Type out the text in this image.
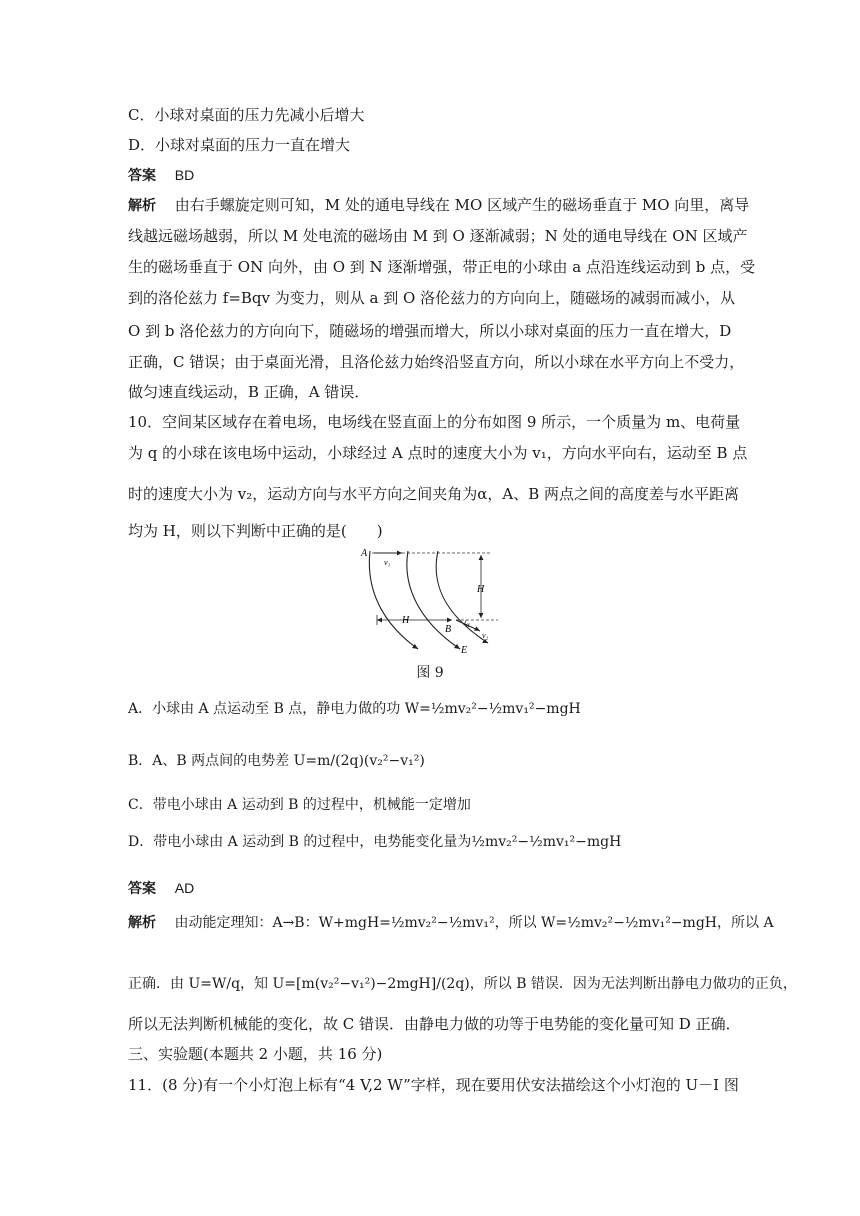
C．小球对桌面的压力先减小后增大
D．小球对桌面的压力一直在增大
答案 BD
解析 由右手螺旋定则可知，M 处的通电导线在 MO 区域产生的磁场垂直于 MO 向里，离导
线越远磁场越弱，所以 M 处电流的磁场由 M 到 O 逐渐减弱；N 处的通电导线在 ON 区域产
生的磁场垂直于 ON 向外，由 O 到 N 逐渐增强，带正电的小球由 a 点沿连线运动到 b 点，受
到的洛伦兹力 f=Bqv 为变力，则从 a 到 O 洛伦兹力的方向向上，随磁场的减弱而减小，从
O 到 b 洛伦兹力的方向向下，随磁场的增强而增大，所以小球对桌面的压力一直在增大，D
正确，C 错误；由于桌面光滑，且洛伦兹力始终沿竖直方向，所以小球在水平方向上不受力，
做匀速直线运动，B 正确，A 错误．
10．空间某区域存在着电场，电场线在竖直面上的分布如图 9 所示，一个质量为 m、电荷量
为 q 的小球在该电场中运动，小球经过 A 点时的速度大小为 v₁，方向水平向右，运动至 B 点
时的速度大小为 v₂，运动方向与水平方向之间夹角为α，A、B 两点之间的高度差与水平距离
均为 H，则以下判断中正确的是(　　)
A
v₁
H
H
B α
v₂
E
图 9
A．小球由 A 点运动至 B 点，静电力做的功 W=½mv₂²−½mv₁²−mgH
B．A、B 两点间的电势差 U=m/(2q)(v₂²−v₁²)
C．带电小球由 A 运动到 B 的过程中，机械能一定增加
D．带电小球由 A 运动到 B 的过程中，电势能变化量为½mv₂²−½mv₁²−mgH
答案 AD
解析 由动能定理知：A→B：W+mgH=½mv₂²−½mv₁²，所以 W=½mv₂²−½mv₁²−mgH，所以 A
正确．由 U=W/q，知 U=[m(v₂²−v₁²)−2mgH]/(2q)，所以 B 错误．因为无法判断出静电力做功的正负，
所以无法判断机械能的变化，故 C 错误．由静电力做的功等于电势能的变化量可知 D 正确．
三、实验题(本题共 2 小题，共 16 分)
11．(8 分)有一个小灯泡上标有“4 V,2 W”字样，现在要用伏安法描绘这个小灯泡的 U－I 图
